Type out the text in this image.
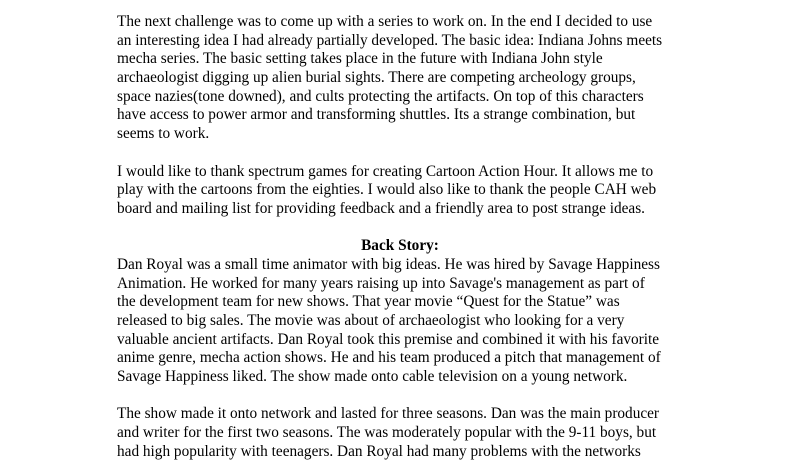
The next challenge was to come up with a series to work on. In the end I decided to use
an interesting idea I had already partially developed. The basic idea: Indiana Johns meets
mecha series. The basic setting takes place in the future with Indiana John style
archaeologist digging up alien burial sights. There are competing archeology groups,
space nazies(tone downed), and cults protecting the artifacts. On top of this characters
have access to power armor and transforming shuttles. Its a strange combination, but
seems to work.
I would like to thank spectrum games for creating Cartoon Action Hour. It allows me to
play with the cartoons from the eighties. I would also like to thank the people CAH web
board and mailing list for providing feedback and a friendly area to post strange ideas.
Back Story:
Dan Royal was a small time animator with big ideas. He was hired by Savage Happiness
Animation. He worked for many years raising up into Savage's management as part of
the development team for new shows. That year movie “Quest for the Statue” was
released to big sales. The movie was about of archaeologist who looking for a very
valuable ancient artifacts. Dan Royal took this premise and combined it with his favorite
anime genre, mecha action shows. He and his team produced a pitch that management of
Savage Happiness liked. The show made onto cable television on a young network.
The show made it onto network and lasted for three seasons. Dan was the main producer
and writer for the first two seasons. The was moderately popular with the 9-11 boys, but
had high popularity with teenagers. Dan Royal had many problems with the networks
